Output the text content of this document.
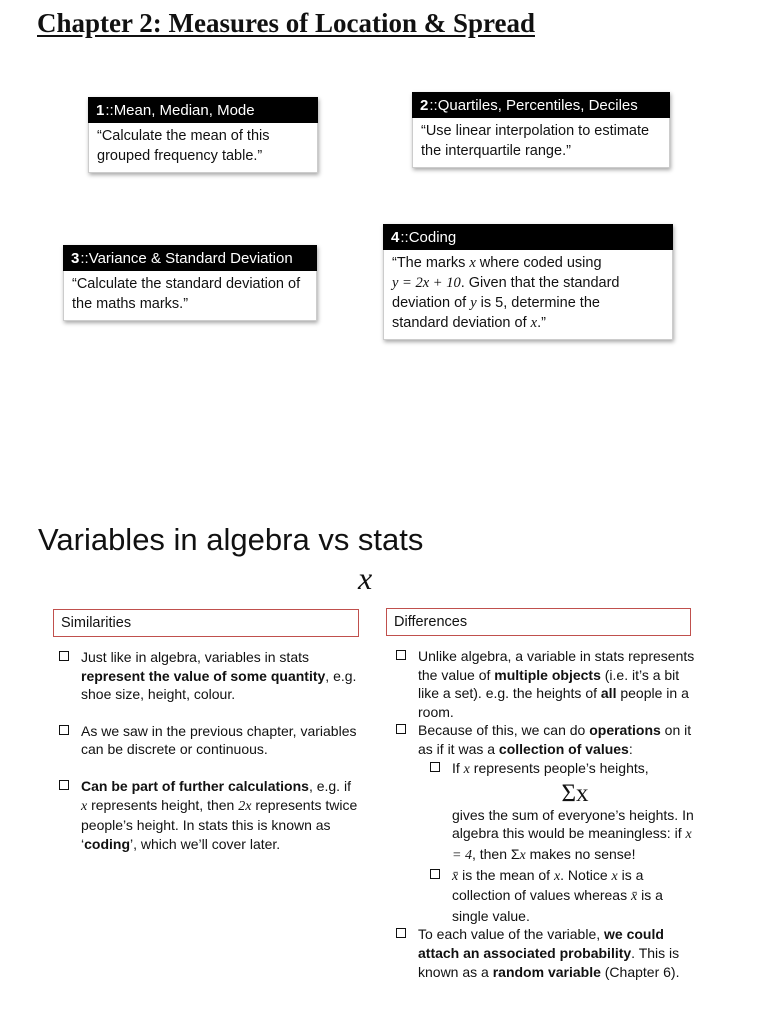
Chapter 2: Measures of Location & Spread
1 :: Mean, Median, Mode
“Calculate the mean of this grouped frequency table.”
2 :: Quartiles, Percentiles, Deciles
“Use linear interpolation to estimate the interquartile range.”
3 :: Variance & Standard Deviation
“Calculate the standard deviation of the maths marks.”
4 :: Coding
“The marks x where coded using
y = 2x + 10. Given that the standard
deviation of y is 5, determine the
standard deviation of x.”
Variables in algebra vs stats
x
Similarities	Differences
Just like in algebra, variables in stats represent the value of some quantity, e.g. shoe size, height, colour.
As we saw in the previous chapter, variables can be discrete or continuous.
Can be part of further calculations, e.g. if x represents height, then 2x represents twice people’s height. In stats this is known as ‘coding’, which we’ll cover later.
Unlike algebra, a variable in stats represents the value of multiple objects (i.e. it’s a bit like a set). e.g. the heights of all people in a room.
Because of this, we can do operations on it as if it was a collection of values:
If x represents people’s heights,
Σx
gives the sum of everyone’s heights. In algebra this would be meaningless: if x = 4, then Σx makes no sense!
x̄ is the mean of x. Notice x is a collection of values whereas x̄ is a single value.
To each value of the variable, we could attach an associated probability. This is known as a random variable (Chapter 6).
